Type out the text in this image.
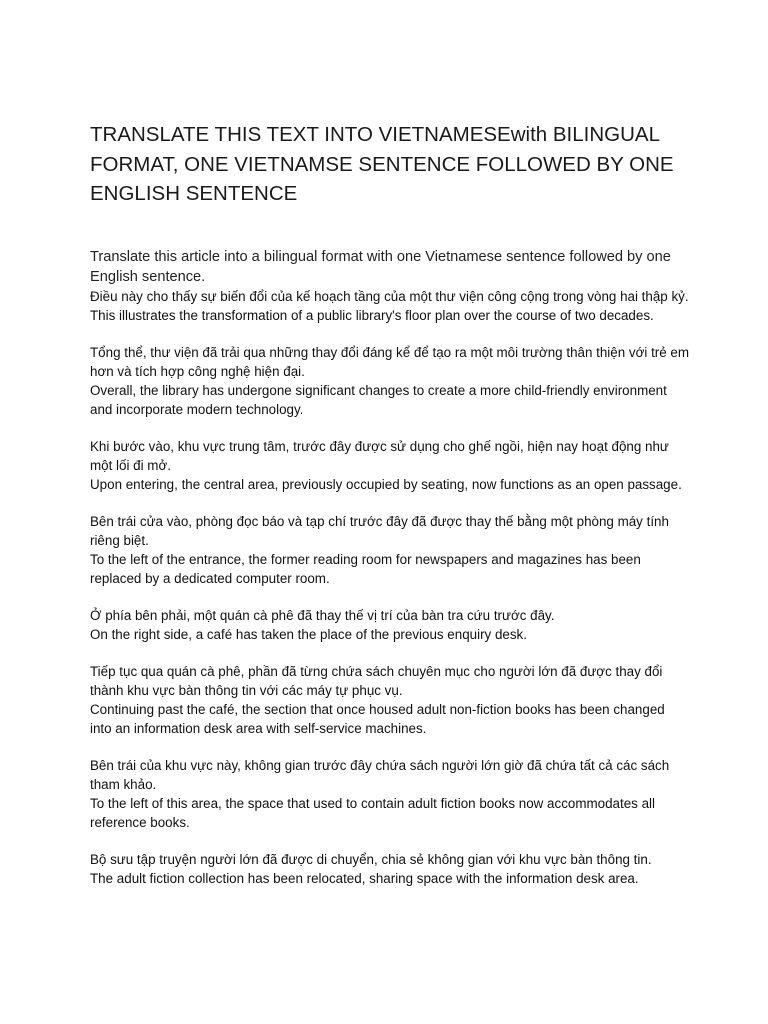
TRANSLATE THIS TEXT INTO VIETNAMESEwith BILINGUAL FORMAT, ONE VIETNAMSE SENTENCE FOLLOWED BY ONE ENGLISH SENTENCE

Translate this article into a bilingual format with one Vietnamese sentence followed by one English sentence.

Điều này cho thấy sự biến đổi của kế hoạch tầng của một thư viện công cộng trong vòng hai thập kỷ.

This illustrates the transformation of a public library's floor plan over the course of two decades.

Tổng thể, thư viện đã trải qua những thay đổi đáng kể để tạo ra một môi trường thân thiện với trẻ em hơn và tích hợp công nghệ hiện đại.

Overall, the library has undergone significant changes to create a more child-friendly environment and incorporate modern technology.

Khi bước vào, khu vực trung tâm, trước đây được sử dụng cho ghế ngồi, hiện nay hoạt động như một lối đi mở.

Upon entering, the central area, previously occupied by seating, now functions as an open passage.

Bên trái cửa vào, phòng đọc báo và tạp chí trước đây đã được thay thế bằng một phòng máy tính riêng biệt.

To the left of the entrance, the former reading room for newspapers and magazines has been replaced by a dedicated computer room.

Ở phía bên phải, một quán cà phê đã thay thế vị trí của bàn tra cứu trước đây.

On the right side, a café has taken the place of the previous enquiry desk.

Tiếp tục qua quán cà phê, phần đã từng chứa sách chuyên mục cho người lớn đã được thay đổi thành khu vực bàn thông tin với các máy tự phục vụ.

Continuing past the café, the section that once housed adult non-fiction books has been changed into an information desk area with self-service machines.

Bên trái của khu vực này, không gian trước đây chứa sách người lớn giờ đã chứa tất cả các sách tham khảo.

To the left of this area, the space that used to contain adult fiction books now accommodates all reference books.

Bộ sưu tập truyện người lớn đã được di chuyển, chia sẻ không gian với khu vực bàn thông tin.

The adult fiction collection has been relocated, sharing space with the information desk area.
